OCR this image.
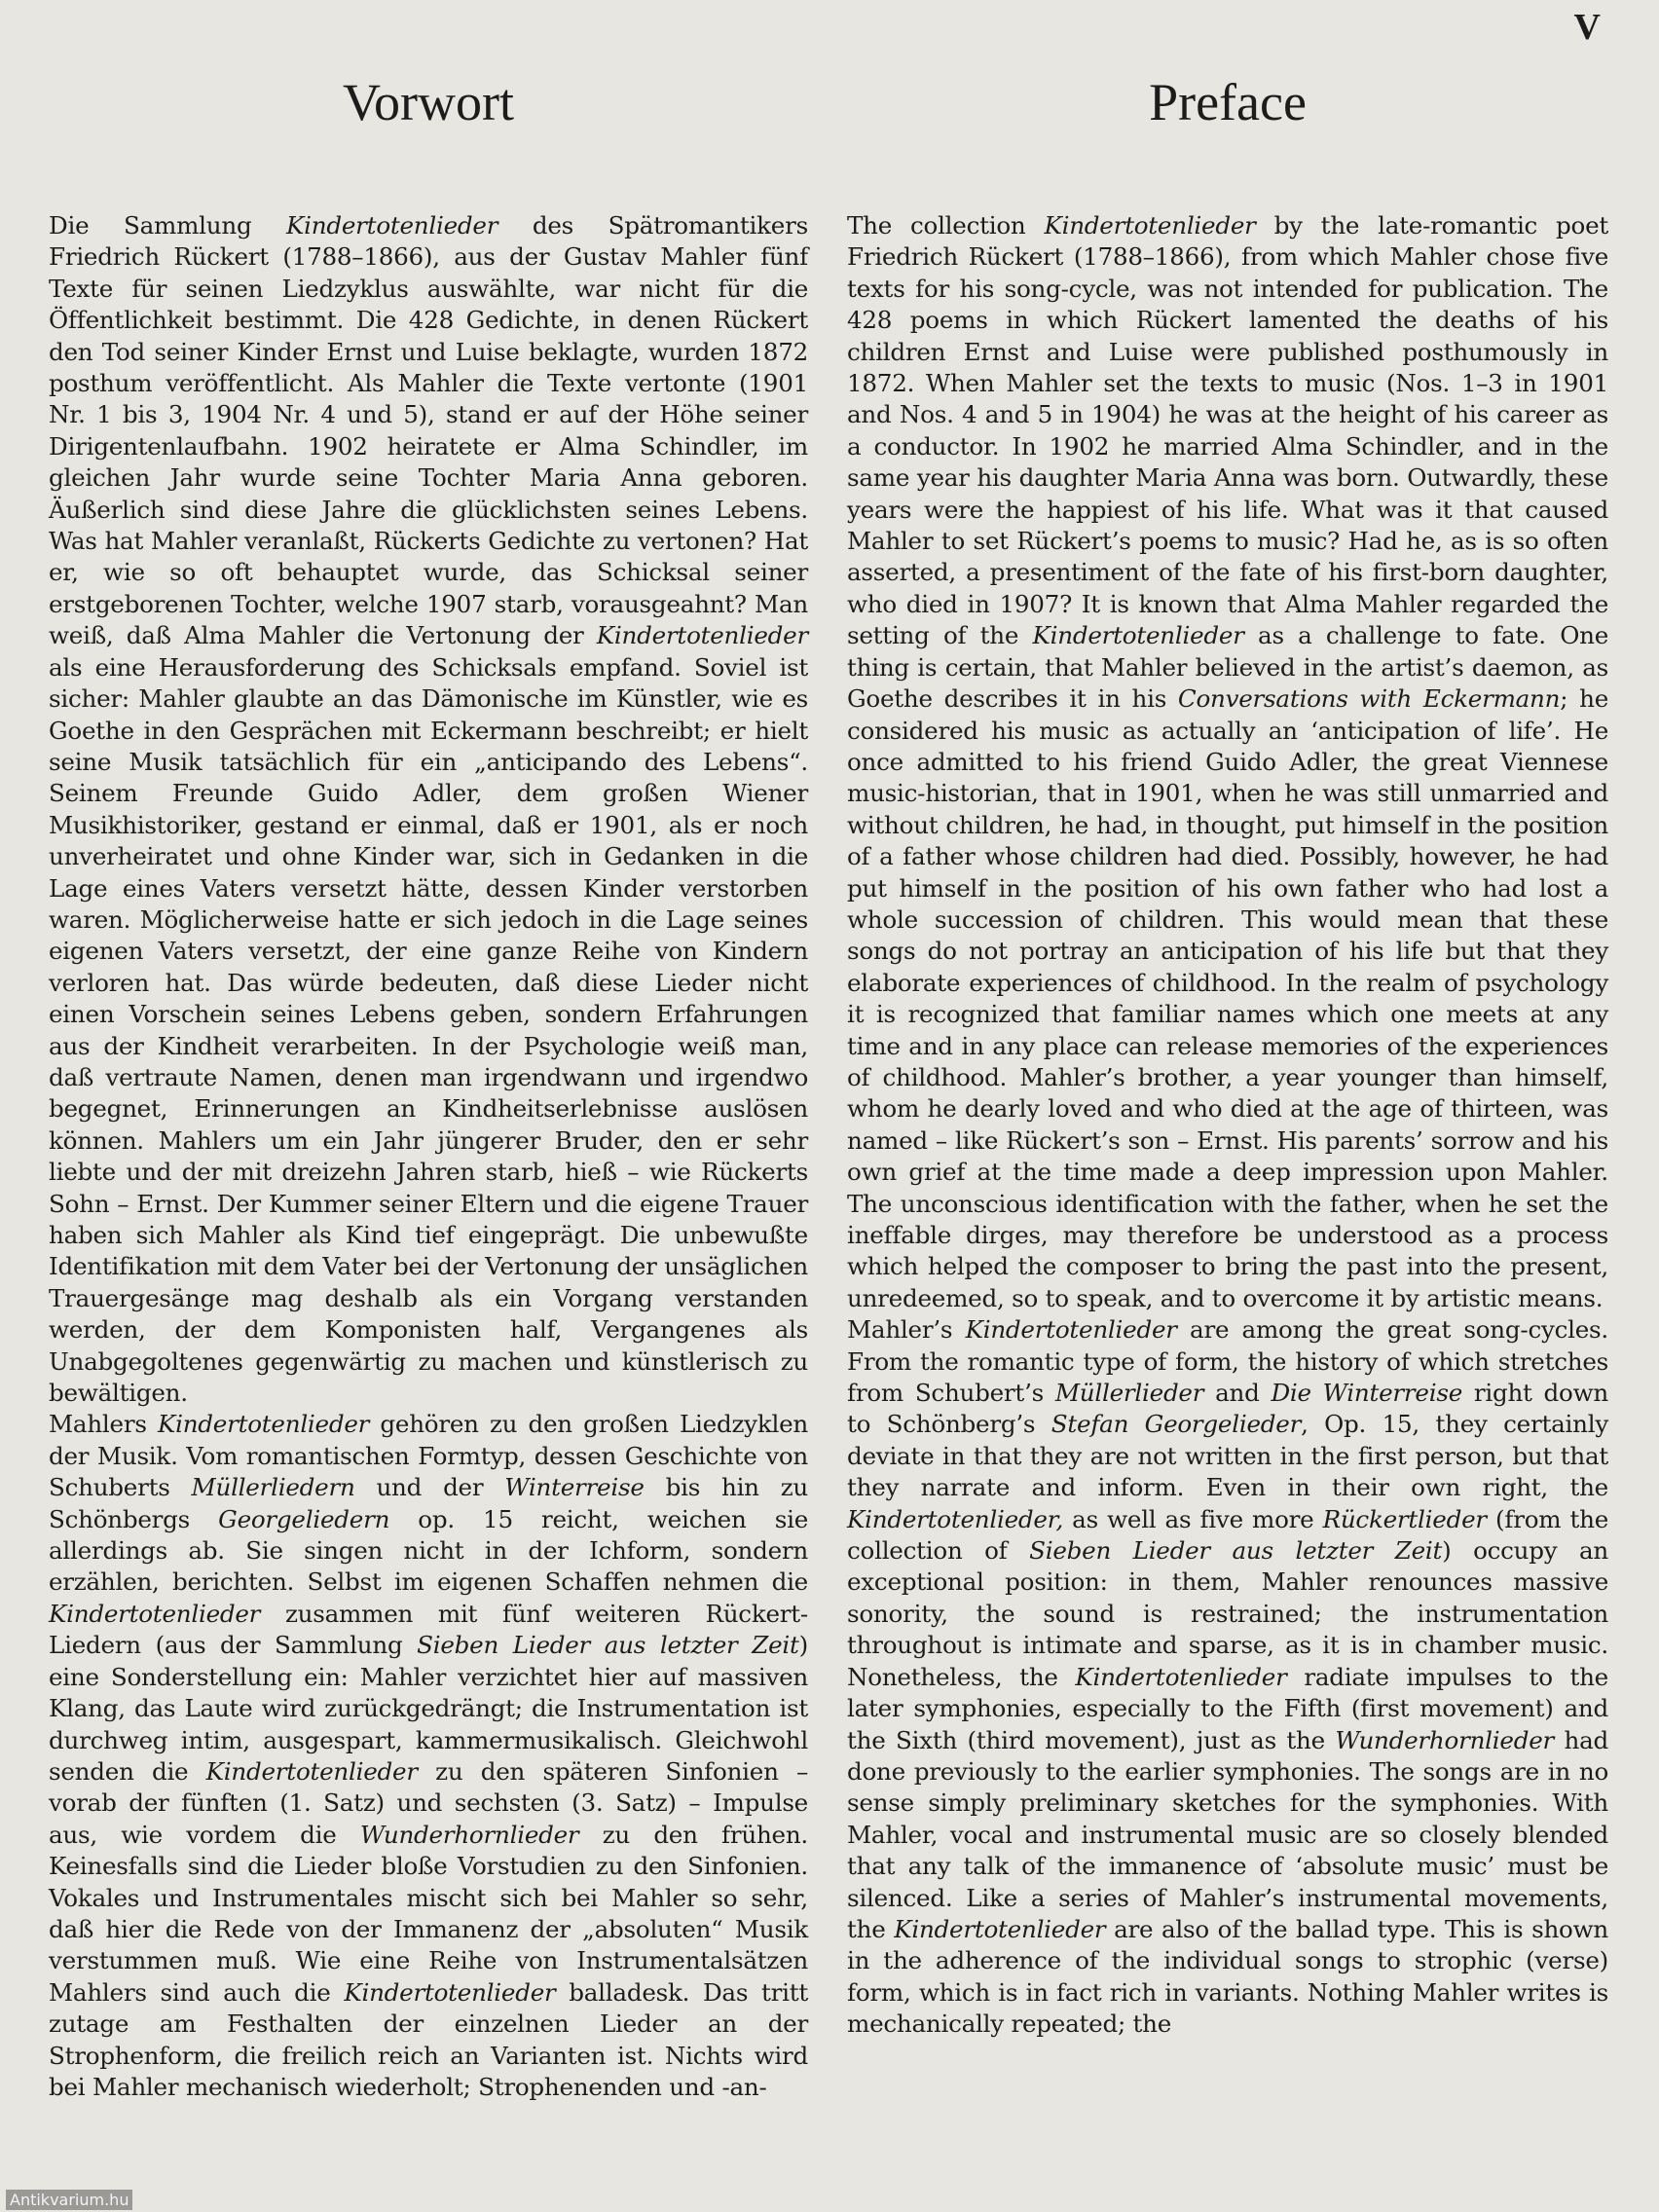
V
Vorwort

Die Sammlung Kindertotenlieder des Spätromantikers Friedrich Rückert (1788–1866), aus der Gustav Mahler fünf Texte für seinen Liedzyklus auswählte, war nicht für die Öffentlichkeit bestimmt. Die 428 Gedichte, in denen Rückert den Tod seiner Kinder Ernst und Luise beklagte, wurden 1872 posthum veröffentlicht. Als Mahler die Texte vertonte (1901 Nr. 1 bis 3, 1904 Nr. 4 und 5), stand er auf der Höhe seiner Dirigentenlaufbahn. 1902 heiratete er Alma Schindler, im gleichen Jahr wurde seine Tochter Maria Anna geboren. Äußerlich sind diese Jahre die glücklichsten seines Lebens. Was hat Mahler veranlaßt, Rückerts Gedichte zu vertonen? Hat er, wie so oft behauptet wurde, das Schicksal seiner erstgeborenen Tochter, welche 1907 starb, vorausgeahnt? Man weiß, daß Alma Mahler die Vertonung der Kindertotenlieder als eine Herausforderung des Schicksals empfand. Soviel ist sicher: Mahler glaubte an das Dämonische im Künstler, wie es Goethe in den Gesprächen mit Eckermann beschreibt; er hielt seine Musik tatsächlich für ein „anticipando des Lebens“. Seinem Freunde Guido Adler, dem großen Wiener Musikhistoriker, gestand er einmal, daß er 1901, als er noch unverheiratet und ohne Kinder war, sich in Gedanken in die Lage eines Vaters versetzt hätte, dessen Kinder verstorben waren. Möglicherweise hatte er sich jedoch in die Lage seines eigenen Vaters versetzt, der eine ganze Reihe von Kindern verloren hat. Das würde bedeuten, daß diese Lieder nicht einen Vorschein seines Lebens geben, sondern Erfahrungen aus der Kindheit verarbeiten. In der Psychologie weiß man, daß vertraute Namen, denen man irgendwann und irgendwo begegnet, Erinnerungen an Kindheitserlebnisse auslösen können. Mahlers um ein Jahr jüngerer Bruder, den er sehr liebte und der mit dreizehn Jahren starb, hieß – wie Rückerts Sohn – Ernst. Der Kummer seiner Eltern und die eigene Trauer haben sich Mahler als Kind tief eingeprägt. Die unbewußte Identifikation mit dem Vater bei der Vertonung der unsäglichen Trauergesänge mag deshalb als ein Vorgang verstanden werden, der dem Komponisten half, Vergangenes als Unabgegoltenes gegenwärtig zu machen und künstlerisch zu bewältigen.

Mahlers Kindertotenlieder gehören zu den großen Liedzyklen der Musik. Vom romantischen Formtyp, dessen Geschichte von Schuberts Müllerliedern und der Winterreise bis hin zu Schönbergs Georgeliedern op. 15 reicht, weichen sie allerdings ab. Sie singen nicht in der Ichform, sondern erzählen, berichten. Selbst im eigenen Schaffen nehmen die Kindertotenlieder zusammen mit fünf weiteren Rückert-Liedern (aus der Sammlung Sieben Lieder aus letzter Zeit) eine Sonderstellung ein: Mahler verzichtet hier auf massiven Klang, das Laute wird zurückgedrängt; die Instrumentation ist durchweg intim, ausgespart, kammermusikalisch. Gleichwohl senden die Kindertotenlieder zu den späteren Sinfonien – vorab der fünften (1. Satz) und sechsten (3. Satz) – Impulse aus, wie vordem die Wunderhornlieder zu den frühen. Keinesfalls sind die Lieder bloße Vorstudien zu den Sinfonien. Vokales und Instrumentales mischt sich bei Mahler so sehr, daß hier die Rede von der Immanenz der „absoluten“ Musik verstummen muß. Wie eine Reihe von Instrumentalsätzen Mahlers sind auch die Kindertotenlieder balladesk. Das tritt zutage am Festhalten der einzelnen Lieder an der Strophenform, die freilich reich an Varianten ist. Nichts wird bei Mahler mechanisch wiederholt; Strophenenden und -an-

Preface

The collection Kindertotenlieder by the late-romantic poet Friedrich Rückert (1788–1866), from which Mahler chose five texts for his song-cycle, was not intended for publication. The 428 poems in which Rückert lamented the deaths of his children Ernst and Luise were published posthumously in 1872. When Mahler set the texts to music (Nos. 1–3 in 1901 and Nos. 4 and 5 in 1904) he was at the height of his career as a conductor. In 1902 he married Alma Schindler, and in the same year his daughter Maria Anna was born. Outwardly, these years were the happiest of his life. What was it that caused Mahler to set Rückert’s poems to music? Had he, as is so often asserted, a presentiment of the fate of his first-born daughter, who died in 1907? It is known that Alma Mahler regarded the setting of the Kindertotenlieder as a challenge to fate. One thing is certain, that Mahler believed in the artist’s daemon, as Goethe describes it in his Conversations with Eckermann; he considered his music as actually an ‘anticipation of life’. He once admitted to his friend Guido Adler, the great Viennese music-historian, that in 1901, when he was still unmarried and without children, he had, in thought, put himself in the position of a father whose children had died. Possibly, however, he had put himself in the position of his own father who had lost a whole succession of children. This would mean that these songs do not portray an anticipation of his life but that they elaborate experiences of childhood. In the realm of psychology it is recognized that familiar names which one meets at any time and in any place can release memories of the experiences of childhood. Mahler’s brother, a year younger than himself, whom he dearly loved and who died at the age of thirteen, was named – like Rückert’s son – Ernst. His parents’ sorrow and his own grief at the time made a deep impression upon Mahler. The unconscious identification with the father, when he set the ineffable dirges, may therefore be understood as a process which helped the composer to bring the past into the present, unredeemed, so to speak, and to overcome it by artistic means.

Mahler’s Kindertotenlieder are among the great song-cycles. From the romantic type of form, the history of which stretches from Schubert’s Müllerlieder and Die Winterreise right down to Schönberg’s Stefan Georgelieder, Op. 15, they certainly deviate in that they are not written in the first person, but that they narrate and inform. Even in their own right, the Kindertotenlieder, as well as five more Rückertlieder (from the collection of Sieben Lieder aus letzter Zeit) occupy an exceptional position: in them, Mahler renounces massive sonority, the sound is restrained; the instrumentation throughout is intimate and sparse, as it is in chamber music. Nonetheless, the Kindertotenlieder radiate impulses to the later symphonies, especially to the Fifth (first movement) and the Sixth (third movement), just as the Wunderhornlieder had done previously to the earlier symphonies. The songs are in no sense simply preliminary sketches for the symphonies. With Mahler, vocal and instrumental music are so closely blended that any talk of the immanence of ‘absolute music’ must be silenced. Like a series of Mahler’s instrumental movements, the Kindertotenlieder are also of the ballad type. This is shown in the adherence of the individual songs to strophic (verse) form, which is in fact rich in variants. Nothing Mahler writes is mechanically repeated; the

Antikvarium.hu
